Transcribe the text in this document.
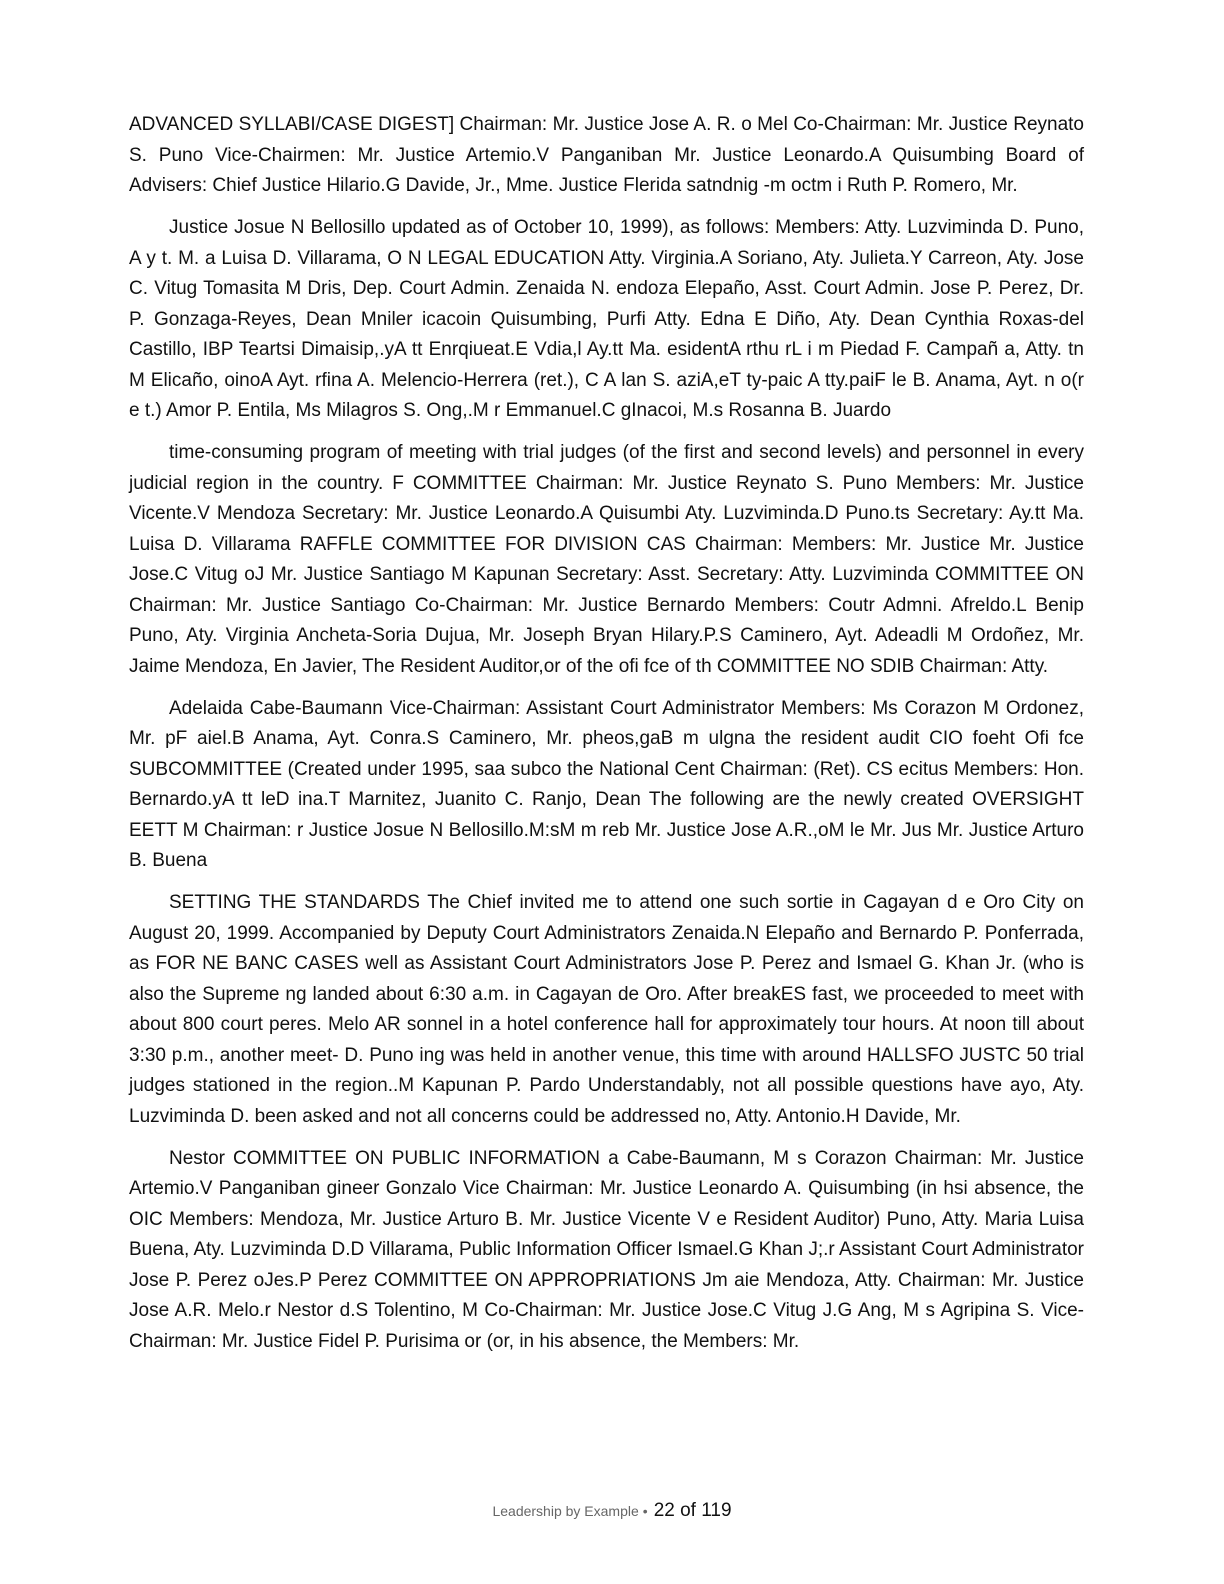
ADVANCED SYLLABI/CASE DIGEST] Chairman: Mr. Justice Jose A. R. o Mel Co-Chairman: Mr. Justice Reynato S. Puno Vice-Chairmen: Mr. Justice Artemio.V Panganiban Mr. Justice Leonardo.A Quisumbing Board of Advisers: Chief Justice Hilario.G Davide, Jr., Mme. Justice Flerida satndnig -m octm i Ruth P. Romero, Mr.

Justice Josue N Bellosillo updated as of October 10, 1999), as follows: Members: Atty. Luzviminda D. Puno, A y t. M. a Luisa D. Villarama, O N LEGAL EDUCATION Atty. Virginia.A Soriano, Aty. Julieta.Y Carreon, Aty. Jose C. Vitug Tomasita M Dris, Dep. Court Admin. Zenaida N. endoza Elepaño, Asst. Court Admin. Jose P. Perez, Dr. P. Gonzaga-Reyes, Dean Mniler icacoin Quisumbing, Purfi Atty. Edna E Diño, Aty. Dean Cynthia Roxas-del Castillo, IBP Teartsi Dimaisip,.yA tt Enrqiueat.E Vdia,l Ay.tt Ma. esidentA rthu rL i m Piedad F. Campañ a, Atty. tn M Elicaño, oinoA Ayt. rfina A. Melencio-Herrera (ret.), C A lan S. aziA,eT ty-paic A tty.paiF le B. Anama, Ayt. n o(r e t.) Amor P. Entila, Ms Milagros S. Ong,.M r Emmanuel.C gInacoi, M.s Rosanna B. Juardo

time-consuming program of meeting with trial judges (of the first and second levels) and personnel in every judicial region in the country. F COMMITTEE Chairman: Mr. Justice Reynato S. Puno Members: Mr. Justice Vicente.V Mendoza Secretary: Mr. Justice Leonardo.A Quisumbi Aty. Luzviminda.D Puno.ts Secretary: Ay.tt Ma. Luisa D. Villarama RAFFLE COMMITTEE FOR DIVISION CAS Chairman: Members: Mr. Justice Mr. Justice Jose.C Vitug oJ Mr. Justice Santiago M Kapunan Secretary: Asst. Secretary: Atty. Luzviminda COMMITTEE ON Chairman: Mr. Justice Santiago Co-Chairman: Mr. Justice Bernardo Members: Coutr Admni. Afreldo.L Benip Puno, Aty. Virginia Ancheta-Soria Dujua, Mr. Joseph Bryan Hilary.P.S Caminero, Ayt. Adeadli M Ordoñez, Mr. Jaime Mendoza, En Javier, The Resident Auditor,or of the ofi fce of th COMMITTEE NO SDIB Chairman: Atty.

Adelaida Cabe-Baumann Vice-Chairman: Assistant Court Administrator Members: Ms Corazon M Ordonez, Mr. pF aiel.B Anama, Ayt. Conra.S Caminero, Mr. pheos,gaB m ulgna the resident audit CIO foeht Ofi fce SUBCOMMITTEE (Created under 1995, saa subco the National Cent Chairman: (Ret). CS ecitus Members: Hon. Bernardo.yA tt leD ina.T Marnitez, Juanito C. Ranjo, Dean The following are the newly created OVERSIGHT EETT M Chairman: r Justice Josue N Bellosillo.M:sM m reb Mr. Justice Jose A.R.,oM le Mr. Jus Mr. Justice Arturo B. Buena

SETTING THE STANDARDS The Chief invited me to attend one such sortie in Cagayan d e Oro City on August 20, 1999. Accompanied by Deputy Court Administrators Zenaida.N Elepaño and Bernardo P. Ponferrada, as FOR NE BANC CASES well as Assistant Court Administrators Jose P. Perez and Ismael G. Khan Jr. (who is also the Supreme ng landed about 6:30 a.m. in Cagayan de Oro. After breakES fast, we proceeded to meet with about 800 court peres. Melo AR sonnel in a hotel conference hall for approximately tour hours. At noon till about 3:30 p.m., another meet- D. Puno ing was held in another venue, this time with around HALLSFO JUSTC 50 trial judges stationed in the region..M Kapunan P. Pardo Understandably, not all possible questions have ayo, Aty. Luzviminda D. been asked and not all concerns could be addressed no, Atty. Antonio.H Davide, Mr.

Nestor COMMITTEE ON PUBLIC INFORMATION a Cabe-Baumann, M s Corazon Chairman: Mr. Justice Artemio.V Panganiban gineer Gonzalo Vice Chairman: Mr. Justice Leonardo A. Quisumbing (in hsi absence, the OIC Members: Mendoza, Mr. Justice Arturo B. Mr. Justice Vicente V e Resident Auditor) Puno, Atty. Maria Luisa Buena, Aty. Luzviminda D.D Villarama, Public Information Officer Ismael.G Khan J;.r Assistant Court Administrator Jose P. Perez oJes.P Perez COMMITTEE ON APPROPRIATIONS Jm aie Mendoza, Atty. Chairman: Mr. Justice Jose A.R. Melo.r Nestor d.S Tolentino, M Co-Chairman: Mr. Justice Jose.C Vitug J.G Ang, M s Agripina S. Vice-Chairman: Mr. Justice Fidel P. Purisima or (or, in his absence, the Members: Mr.

Leadership by Example • 22 of 119
